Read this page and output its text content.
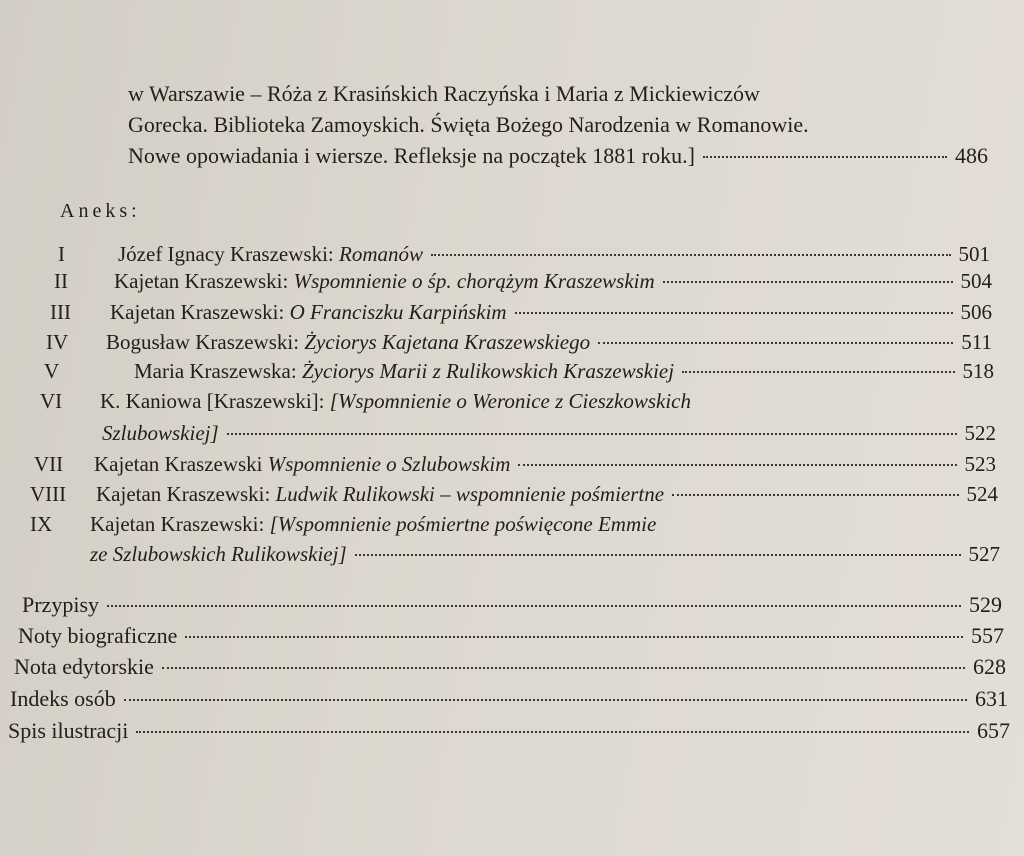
w Warszawie – Róża z Krasińskich Raczyńska i Maria z Mickiewiczów
Gorecka. Biblioteka Zamoyskich. Święta Bożego Narodzenia w Romanowie.
Nowe opowiadania i wiersze. Refleksje na początek 1881 roku.]	486
Aneks:
I	Józef Ignacy Kraszewski: Romanów	501
II	Kajetan Kraszewski: Wspomnienie o śp. chorążym Kraszewskim	504
III	Kajetan Kraszewski: O Franciszku Karpińskim	506
IV	Bogusław Kraszewski: Życiorys Kajetana Kraszewskiego	511
V	Maria Kraszewska: Życiorys Marii z Rulikowskich Kraszewskiej	518
VI	K. Kaniowa [Kraszewski]: [Wspomnienie o Weronice z Cieszkowskich
Szlubowskiej]	522
VII	Kajetan Kraszewski Wspomnienie o Szlubowskim	523
VIII	Kajetan Kraszewski: Ludwik Rulikowski – wspomnienie pośmiertne	524
IX	Kajetan Kraszewski: [Wspomnienie pośmiertne poświęcone Emmie
ze Szlubowskich Rulikowskiej]	527
Przypisy	529
Noty biograficzne	557
Nota edytorskie	628
Indeks osób	631
Spis ilustracji	657
